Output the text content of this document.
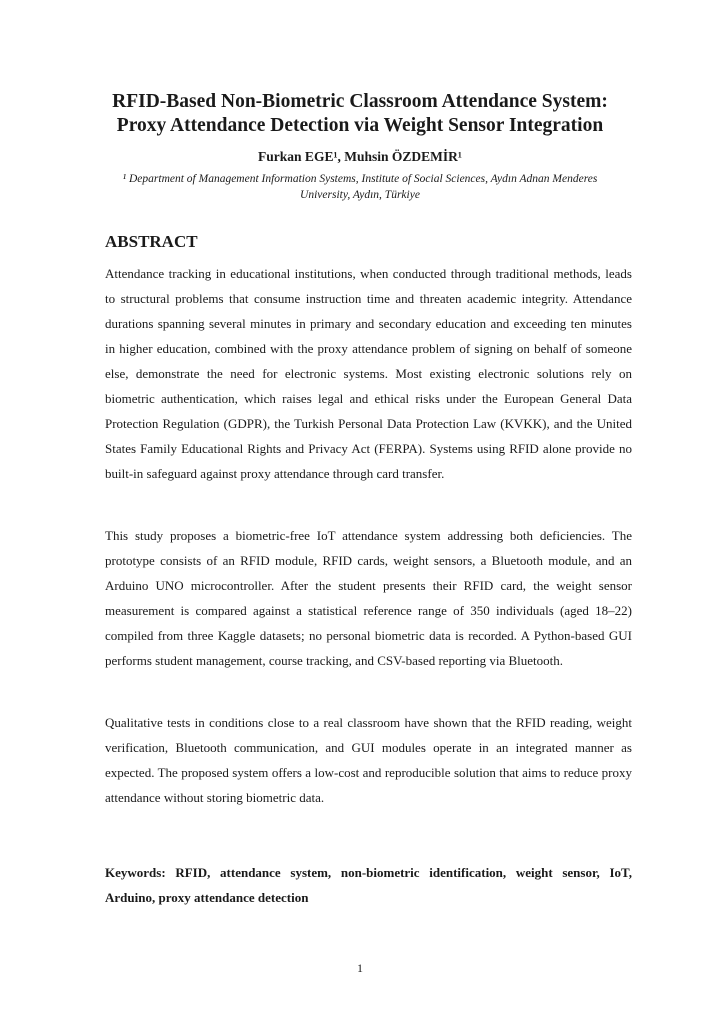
RFID-Based Non-Biometric Classroom Attendance System:
Proxy Attendance Detection via Weight Sensor Integration

Furkan EGE¹, Muhsin ÖZDEMİR¹

¹ Department of Management Information Systems, Institute of Social Sciences, Aydın Adnan Menderes University, Aydın, Türkiye

ABSTRACT

Attendance tracking in educational institutions, when conducted through traditional methods, leads to structural problems that consume instruction time and threaten academic integrity. Attendance durations spanning several minutes in primary and secondary education and exceeding ten minutes in higher education, combined with the proxy attendance problem of signing on behalf of someone else, demonstrate the need for electronic systems. Most existing electronic solutions rely on biometric authentication, which raises legal and ethical risks under the European General Data Protection Regulation (GDPR), the Turkish Personal Data Protection Law (KVKK), and the United States Family Educational Rights and Privacy Act (FERPA). Systems using RFID alone provide no built-in safeguard against proxy attendance through card transfer.

This study proposes a biometric-free IoT attendance system addressing both deficiencies. The prototype consists of an RFID module, RFID cards, weight sensors, a Bluetooth module, and an Arduino UNO microcontroller. After the student presents their RFID card, the weight sensor measurement is compared against a statistical reference range of 350 individuals (aged 18–22) compiled from three Kaggle datasets; no personal biometric data is recorded. A Python-based GUI performs student management, course tracking, and CSV-based reporting via Bluetooth.

Qualitative tests in conditions close to a real classroom have shown that the RFID reading, weight verification, Bluetooth communication, and GUI modules operate in an integrated manner as expected. The proposed system offers a low-cost and reproducible solution that aims to reduce proxy attendance without storing biometric data.

Keywords: RFID, attendance system, non-biometric identification, weight sensor, IoT, Arduino, proxy attendance detection

1
